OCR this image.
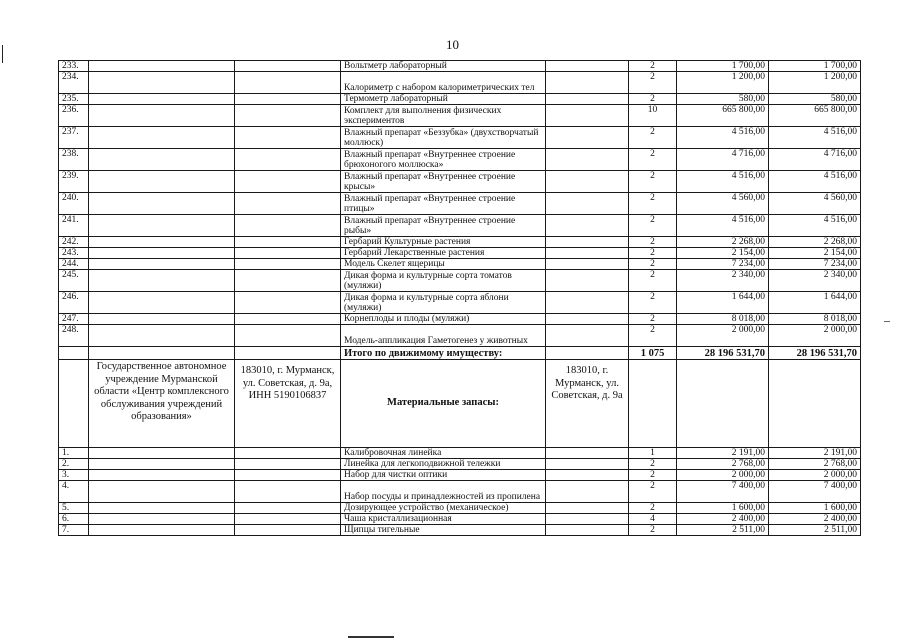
10
233.			Вольтметр лабораторный		2	1 700,00	1 700,00
234.			Калориметр с набором калориметрических тел		2	1 200,00	1 200,00
235.			Термометр лабораторный		2	580,00	580,00
236.			Комплект для выполнения физических экспериментов		10	665 800,00	665 800,00
237.			Влажный препарат «Беззубка» (двухстворчатый моллюск)		2	4 516,00	4 516,00
238.			Влажный препарат «Внутреннее строение брюхоногого моллюска»		2	4 716,00	4 716,00
239.			Влажный препарат «Внутреннее строение крысы»		2	4 516,00	4 516,00
240.			Влажный препарат «Внутреннее строение птицы»		2	4 560,00	4 560,00
241.			Влажный препарат «Внутреннее строение рыбы»		2	4 516,00	4 516,00
242.			Гербарий Культурные растения		2	2 268,00	2 268,00
243.			Гербарий Лекарственные растения		2	2 154,00	2 154,00
244.			Модель Скелет ящерицы		2	7 234,00	7 234,00
245.			Дикая форма и культурные сорта томатов (муляжи)		2	2 340,00	2 340,00
246.			Дикая форма и культурные сорта яблони (муляжи)		2	1 644,00	1 644,00
247.			Корнеплоды и плоды (муляжи)		2	8 018,00	8 018,00
248.			Модель-аппликация Гаметогенез у животных		2	2 000,00	2 000,00
			Итого по движимому имуществу:		1 075	28 196 531,70	28 196 531,70
	Государственное автономное учреждение Мурманской области «Центр комплексного обслуживания учреждений образования»	183010, г. Мурманск, ул. Советская, д. 9а, ИНН 5190106837	Материальные запасы:	183010, г. Мурманск, ул. Советская, д. 9а			
1.			Калибровочная линейка		1	2 191,00	2 191,00
2.			Линейка для легкоподвижной тележки		2	2 768,00	2 768,00
3.			Набор для чистки оптики		2	2 000,00	2 000,00
4.			Набор посуды и принадлежностей из пропилена		2	7 400,00	7 400,00
5.			Дозирующее устройство (механическое)		2	1 600,00	1 600,00
6.			Чаша кристаллизационная		4	2 400,00	2 400,00
7.			Щипцы тигельные		2	2 511,00	2 511,00
